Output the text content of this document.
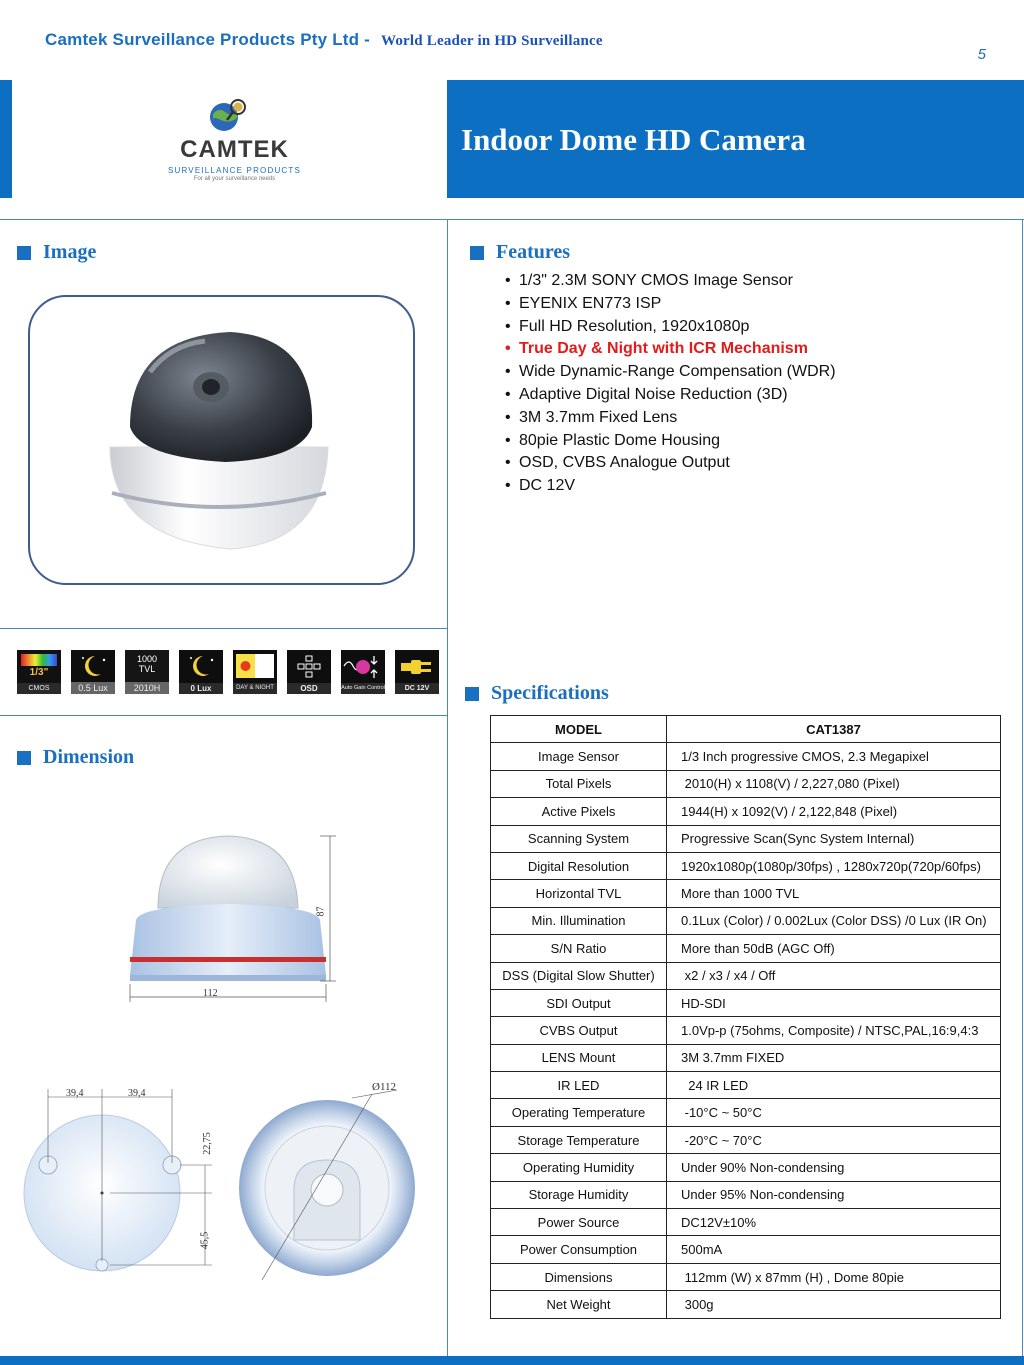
Camtek Surveillance Products Pty Ltd - World Leader in HD Surveillance
5
CAMTEK
SURVEILLANCE PRODUCTS
For all your surveillance needs
Indoor Dome HD Camera
Image
1/3"
CMOS	0.5 Lux
1000 TVL
2010H	0 Lux	DAY & NIGHT	OSD	Auto Gain Control	DC 12V
Dimension
112
87
39,4	39,4
22,75
45,5
Ø112
Features
• 1/3" 2.3M SONY CMOS Image Sensor
• EYENIX EN773 ISP
• Full HD Resolution, 1920x1080p
• True Day & Night with ICR Mechanism
• Wide Dynamic-Range Compensation (WDR)
• Adaptive Digital Noise Reduction (3D)
• 3M 3.7mm Fixed Lens
• 80pie Plastic Dome Housing
• OSD, CVBS Analogue Output
• DC 12V
Specifications
MODEL	CAT1387
Image Sensor	1/3 Inch progressive CMOS, 2.3 Megapixel
Total Pixels	2010(H) x 1108(V) / 2,227,080 (Pixel)
Active Pixels	1944(H) x 1092(V) / 2,122,848 (Pixel)
Scanning System	Progressive Scan(Sync System Internal)
Digital Resolution	1920x1080p(1080p/30fps) , 1280x720p(720p/60fps)
Horizontal TVL	More than 1000 TVL
Min. Illumination	0.1Lux (Color) / 0.002Lux (Color DSS) /0 Lux (IR On)
S/N Ratio	More than 50dB (AGC Off)
DSS (Digital Slow Shutter)	x2 / x3 / x4 / Off
SDI Output	HD-SDI
CVBS Output	1.0Vp-p (75ohms, Composite) / NTSC,PAL,16:9,4:3
LENS Mount	3M 3.7mm FIXED
IR LED	24 IR LED
Operating Temperature	-10°C ~ 50°C
Storage Temperature	-20°C ~ 70°C
Operating Humidity	Under 90% Non-condensing
Storage Humidity	Under 95% Non-condensing
Power Source	DC12V±10%
Power Consumption	500mA
Dimensions	112mm (W) x 87mm (H) , Dome 80pie
Net Weight	300g
